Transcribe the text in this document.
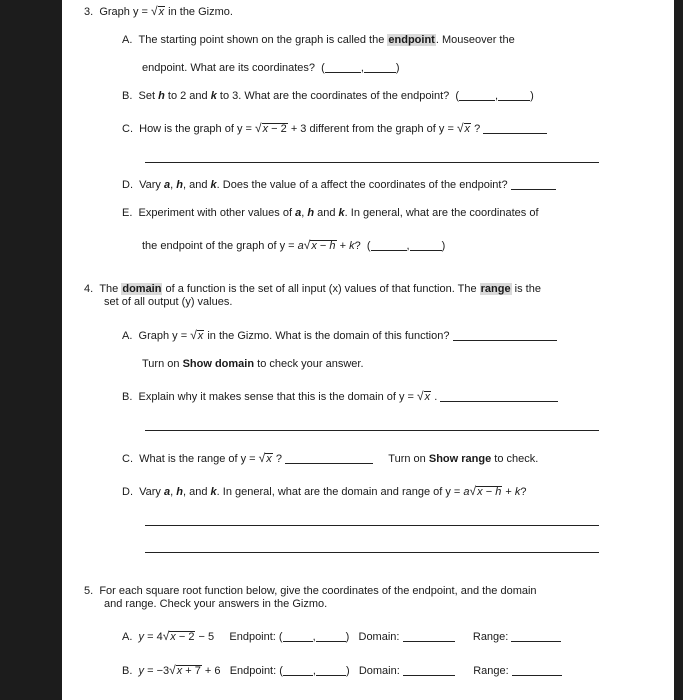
3. Graph y = √x in the Gizmo.
A. The starting point shown on the graph is called the endpoint. Mouseover the
endpoint. What are its coordinates?  (	,	)
B. Set h to 2 and k to 3. What are the coordinates of the endpoint?  (	,	)
C. How is the graph of y = √x − 2 + 3 different from the graph of y = √x ?
D. Vary a, h, and k. Does the value of a affect the coordinates of the endpoint?
E. Experiment with other values of a, h and k. In general, what are the coordinates of
the endpoint of the graph of y = a√x − h + k?  (	,	)
4. The domain of a function is the set of all input (x) values of that function. The range is the
set of all output (y) values.
A. Graph y = √x in the Gizmo. What is the domain of this function?
Turn on Show domain to check your answer.
B. Explain why it makes sense that this is the domain of y = √x .
C. What is the range of y = √x ?	Turn on Show range to check.
D. Vary a, h, and k. In general, what are the domain and range of y = a√x − h + k?
5. For each square root function below, give the coordinates of the endpoint, and the domain
and range. Check your answers in the Gizmo.
A. y = 4√x − 2 − 5     Endpoint: (	,	)   Domain:	Range:
B. y = −3√x + 7 + 6   Endpoint: (	,	)   Domain:	Range:
